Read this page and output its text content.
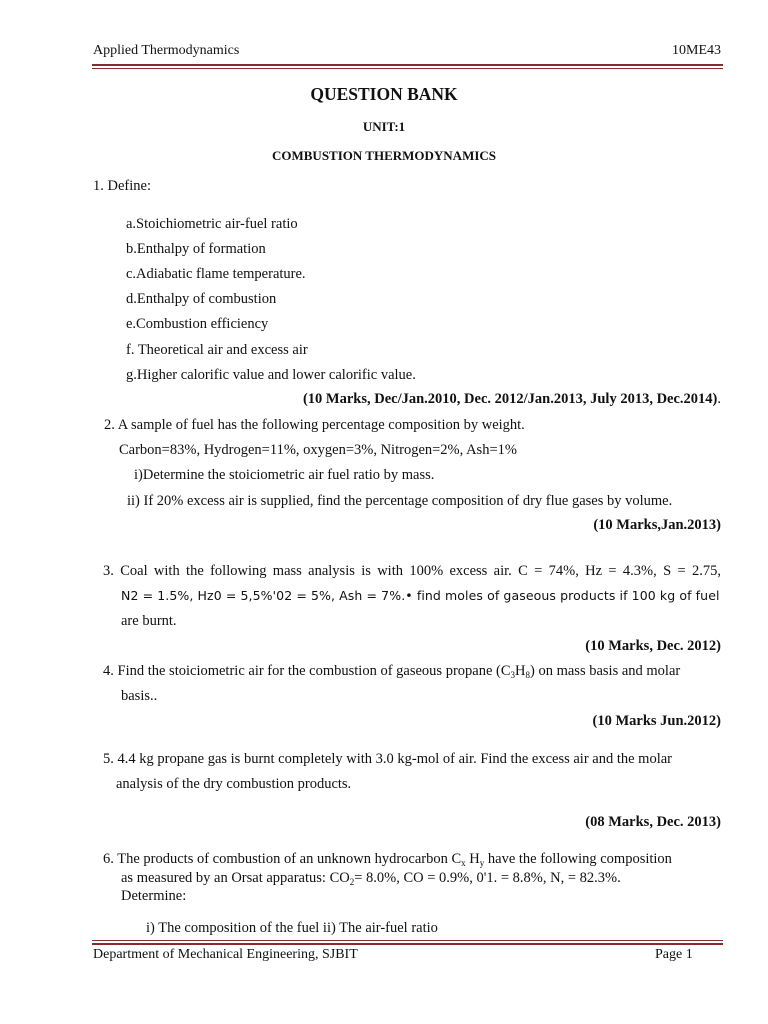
Applied Thermodynamics	10ME43
QUESTION BANK
UNIT:1
COMBUSTION THERMODYNAMICS
1. Define:
a.Stoichiometric air-fuel ratio
b.Enthalpy of formation
c.Adiabatic flame temperature.
d.Enthalpy of combustion
e.Combustion efficiency
f. Theoretical air and excess air
g.Higher calorific value and lower calorific value.
(10 Marks, Dec/Jan.2010, Dec. 2012/Jan.2013, July 2013, Dec.2014).
2. A sample of fuel has the following percentage composition by weight.
Carbon=83%, Hydrogen=11%, oxygen=3%, Nitrogen=2%, Ash=1%
i)Determine the stoiciometric air fuel ratio by mass.
ii) If 20% excess air is supplied, find the percentage composition of dry flue gases by volume.
(10 Marks,Jan.2013)
3. Coal with the following mass analysis is with 100% excess air. C = 74%, Hz = 4.3%, S = 2.75,
N2 = 1.5%, Hz0 = 5,5%'02 = 5%, Ash = 7%.• find moles of gaseous products if 100 kg of fuel
are burnt.
(10 Marks, Dec. 2012)
4. Find the stoiciometric air for the combustion of gaseous propane $(C_3H_8)$ on mass basis and molar
basis..
(10 Marks Jun.2012)
5. 4.4 kg propane gas is burnt completely with 3.0 kg-mol of air. Find the excess air and the molar
analysis of the dry combustion products.
(08 Marks, Dec. 2013)
6. The products of combustion of an unknown hydrocarbon $C_x$ $H_y$ have the following composition
as measured by an Orsat apparatus: $CO_2= 8.0\%$, CO = 0.9%, 0'1. = 8.8%, N, = 82.3%.
Determine:
i) The composition of the fuel ii) The air-fuel ratio
Department of Mechanical Engineering, SJBIT	Page 1
